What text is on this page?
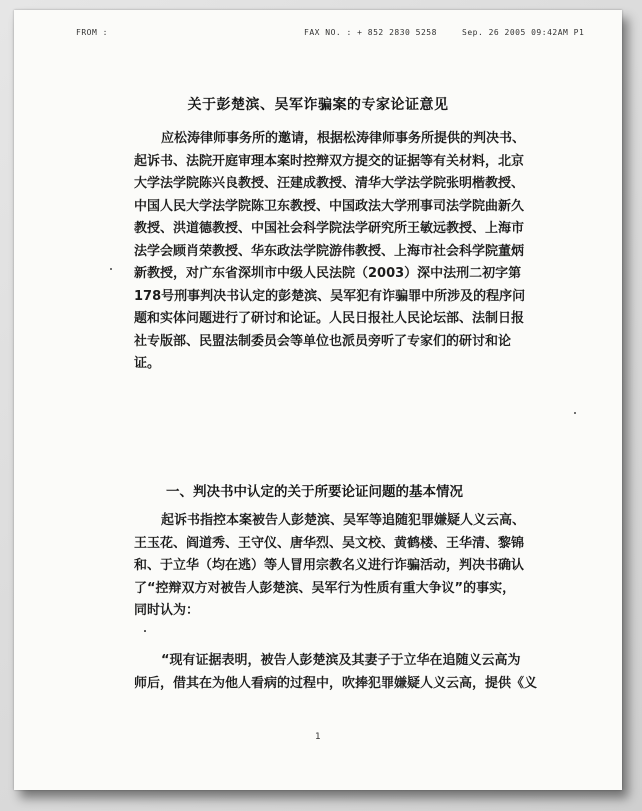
FROM :	FAX NO. : + 852 2830 5258	Sep. 26 2005 09:42AM P1
关于彭楚滨、吴军诈骗案的专家论证意见
应松涛律师事务所的邀请，根据松涛律师事务所提供的判决书、
起诉书、法院开庭审理本案时控辩双方提交的证据等有关材料，北京
大学法学院陈兴良教授、汪建成教授、清华大学法学院张明楷教授、
中国人民大学法学院陈卫东教授、中国政法大学刑事司法学院曲新久
教授、洪道德教授、中国社会科学院法学研究所王敏远教授、上海市
法学会顾肖荣教授、华东政法学院游伟教授、上海市社会科学院董炳
新教授，对广东省深圳市中级人民法院（2003）深中法刑二初字第
178号刑事判决书认定的彭楚滨、吴军犯有诈骗罪中所涉及的程序问
题和实体问题进行了研讨和论证。人民日报社人民论坛部、法制日报
社专版部、民盟法制委员会等单位也派员旁听了专家们的研讨和论
证。
一、判决书中认定的关于所要论证问题的基本情况
起诉书指控本案被告人彭楚滨、吴军等追随犯罪嫌疑人义云高、
王玉花、阎道秀、王守仪、唐华烈、吴文校、黄鹤楼、王华清、黎锦
和、于立华（均在逃）等人冒用宗教名义进行诈骗活动，判决书确认
了“控辩双方对被告人彭楚滨、吴军行为性质有重大争议”的事实，
同时认为：
“现有证据表明，被告人彭楚滨及其妻子于立华在追随义云高为
师后，借其在为他人看病的过程中，吹捧犯罪嫌疑人义云高，提供《义
1
